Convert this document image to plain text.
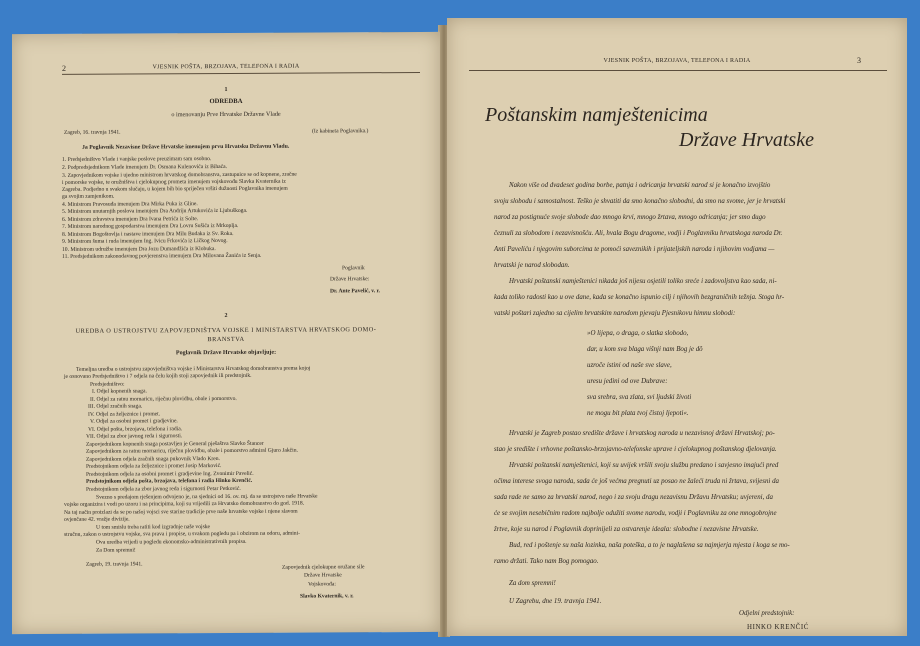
2	VJESNIK POŠTA, BRZOJAVA, TELEFONA I RADIA
1
ODREDBA
o imenovanju Prve Hrvatske Državne Vlade
Zagreb, 16. travnja 1941.	(Iz kabineta Poglavnika.)
Ja Poglavnik Nezavisne Države Hrvatske imenujem prvu Hrvatsku Državnu Vladu.
1. Predsjedništvo Vlade i vanjske poslove preuzimam sam osobno.
2. Podpredsjednikom Vlade imenujem Dr. Osmana Kulenovića iz Bihaća.
3. Zapovjednikom vojske i ujedno ministrom hrvatskog domobranstva, zastupnice se od kopnene, zračne
i pomorske vojske, te oružništva i cjelokupnog prometa imenujem vojskovođu Slavka Kvaternika iz
Zagreba. Podjedno u svakom slučaju, u kojem bih bio spriječen vršiti dužnosti Poglavnika imenujem
ga svojim zamjenikom.
4. Ministrom Pravosuđa imenujem Dra Mirka Puka iz Gline.
5. Ministrom unutarnjih poslova imenujem Dra Andriju Artukovića iz Ljubuškoga.
6. Ministrom zdravstva imenujem Dra Ivana Petrića iz Solte.
7. Ministrom narodnog gospodarstva imenujem Dra Lovru Sušića iz Mrkoplja.
8. Ministrom Bogoštovlja i nastave imenujem Dra Milu Budaka iz Sv. Roka.
9. Ministrom šuma i ruda imenujem Ing. Ivicu Frkovića iz Ličkog Novog.
10. Ministrom udružbe imenujem Dra Jozu Dumandžića iz Klobuka.
11. Predsjednikom zakonodavnog povjerenstva imenujem Dra Milovana Žanića iz Senja.
Poglavnik
Države Hrvatske:
Dr. Ante Pavelić, v. r.
2
UREDBA O USTROJSTVU ZAPOVJEDNIŠTVA VOJSKE I MINISTARSTVA HRVATSKOG DOMO-
BRANSTVA
Poglavnik Države Hrvatske objavljuje:
Temeljna uredba o ustrojstvu zapovjedništva vojske i Ministarstva Hrvatskog domobranstva prema kojoj
je osnovano Predsjedništvo i 7 odjela na čelu kojih stoji zapovjednik ili predstojnik.
Predsjedništvo:
I. Odjel kopnenih snaga.
II. Odjel za ratnu mornaricu, riječnu plovidbu, obale i pomorstvo.
III. Odjel zračnih snaga.
IV. Odjel za željeznice i promet.
V. Odjel za osobni promet i gradjevine.
VI. Odjel pošta, brzojava, telefona i radia.
VII. Odjel za zbor javnog reda i sigurnosti.
Zapovjednikom kopnenih snaga postavljen je General pješaštva Slavko Štancer
Zapovjednikom za ratnu mornaricu, riječnu plovidbu, obale i pomorstvo admiral Gjuro Jakčin.
Zapovjednikom odjela zračnih snaga pukovnik Vlado Kren.
Predstojnikom odjela za željeznice i promet Josip Marković.
Predstojnikom odjela za osobni promet i gradjevine Ing. Zvonimir Pavelić.
Predstojnikom odjela pošta, brzojava, telefona i radia Hinko Krenčić.
Predstojnikom odjela za zbor javnog reda i sigurnosti Petar Petković.
Svezno s predajom rješenjem odvojeno je, na sjednici od 16. ov. mj. da se ustrojstvo naše Hrvatske
vojske organizira i vodi po uzoru i na principima, koji su vrijedili za Hrvatsko domobranstvo do god. 1918.
Na taj način proizlazi da se po našoj vojsci sve starine tradicije prve naše hrvatske vojske i njene slavom
ovjenčane 42. vražje divizije.
U tom smislu treba ratiti kod izgradnje naše vojske
stručnu, zakon o ustrojstvu vojske, sva prava i propise, u svakom pogledu pa i obzirom na odoru, admini-
Ova uredba vrijedi u pogledu ekonomsko-administrativnih propisa.
Za Dom spremni!
Zagreb, 19. travnja 1941.	Zapovjednik cjelokupne oružane sile
Države Hrvatske
Vojskovođa:
Slavko Kvaternik, v. r.
VJESNIK POŠTA, BRZOJAVA, TELEFONA I RADIA	3
Poštanskim namještenicima
Države Hrvatske
Nakon više od dvadeset godina borbe, patnja i odricanja hrvatski narod si je konačno izvojštio
svoju slobodu i samostalnost. Teško je shvatiti da smo konačno slobodni, da smo na svome, jer je hrvatski
narod za postignuće svoje slobode dao mnogo krvi, mnogo žrtava, mnogo odricanja; jer smo dugo
čeznuli za slobodom i nezavisnošću. Ali, hvala Bogu dragome, vodji i Poglavniku hrvatskoga naroda Dr.
Anti Paveliću i njegovim suborcima te pomoći saveznikih i prijateljskih naroda i njihovim vodjama —
hrvatski je narod slobodan.
Hrvatski poštanski namještenici nikada još nijesu osjetili toliko sreće i zadovoljstva kao sada, ni-
kada toliko radosti kao u ove dane, kada se konačno ispunio cilj i njihovih bezgraničnih težnja. Stoga hr-
vatski poštari zajedno sa cijelim hrvatskim narodom pjevaju Pjesnikovu himnu slobodi:
»O lijepa, o draga, o slatka slobodo,
dar, u kom sva blaga višnji nam Bog je dô
uzroče istini od naše sve slave,
uresu jedini od ove Dubrave:
sva srebra, sva zlata, svi ljudski životi
ne mogu bit plata tvoj čistoj ljepoti«.
Hrvatski je Zagreb postao središte države i hrvatskog naroda u nezavisnoj državi Hrvatskoj; po-
stao je središte i vrhovne poštansko-brzojavno-telefonske uprave i cjelokupnog poštanskog djelovanja.
Hrvatski poštanski namještenici, koji su uvijek vršili svoju službu predano i savjesno imajući pred
očima interese svoga naroda, sada će još većma pregnuti uz posao ne žaleći truda ni žrtava, svijesni da
sada rade ne samo za hrvatski narod, nego i za svoju dragu nezavisnu Državu Hrvatsku; uvjereni, da
će se svojim nesebičnim radom najbolje odužiti svome narodu, vodji i Poglavniku za one mnogobrojne
žrtve, koje su narod i Poglavnik doprinijeli za ostvarenje ideala: slobodne i nezavisne Hrvatske.
Bud, red i poštenje su naša lozinka, naša poteška, a to je naglašena sa najmjerja mjesta i koga se mo-
ramo držati. Tako nam Bog pomogao.
Za dom spremni!
U Zagrebu, dne 19. travnja 1941.
Odjelni predstojnik:
HINKO KRENČIĆ
